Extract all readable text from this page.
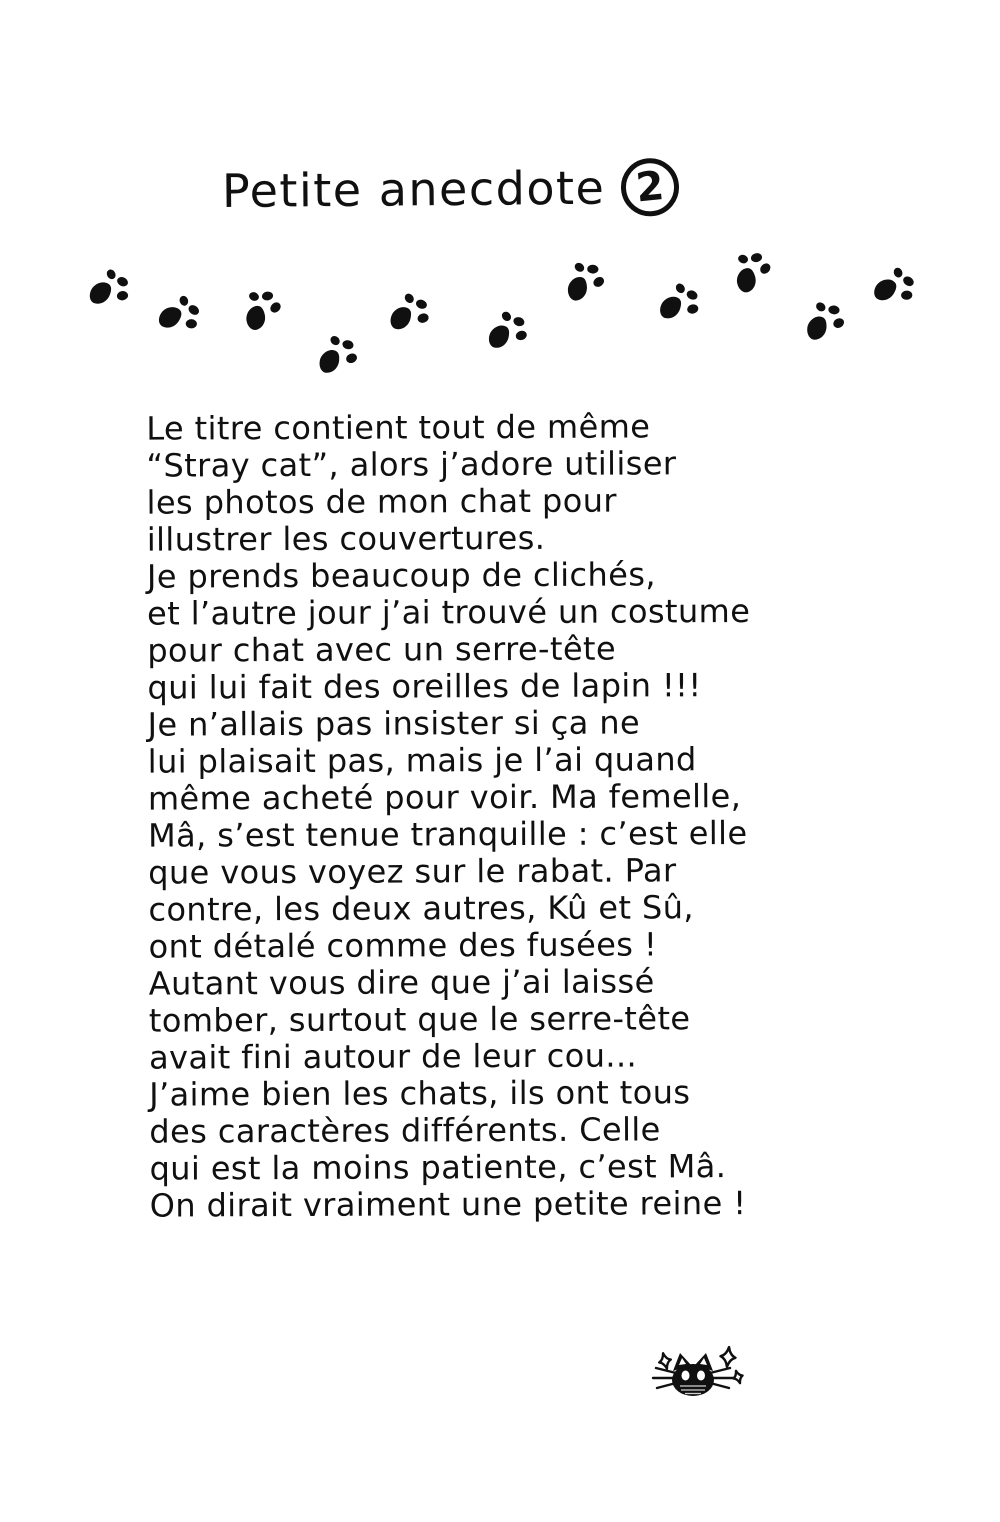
Petite anecdote 2
Le titre contient tout de même
“Stray cat”, alors j’adore utiliser
les photos de mon chat pour
illustrer les couvertures.
Je prends beaucoup de clichés,
et l’autre jour j’ai trouvé un costume
pour chat avec un serre-tête
qui lui fait des oreilles de lapin !!!
Je n’allais pas insister si ça ne
lui plaisait pas, mais je l’ai quand
même acheté pour voir. Ma femelle,
Mâ, s’est tenue tranquille : c’est elle
que vous voyez sur le rabat. Par
contre, les deux autres, Kû et Sû,
ont détalé comme des fusées !
Autant vous dire que j’ai laissé
tomber, surtout que le serre-tête
avait fini autour de leur cou...
J’aime bien les chats, ils ont tous
des caractères différents. Celle
qui est la moins patiente, c’est Mâ.
On dirait vraiment une petite reine !
